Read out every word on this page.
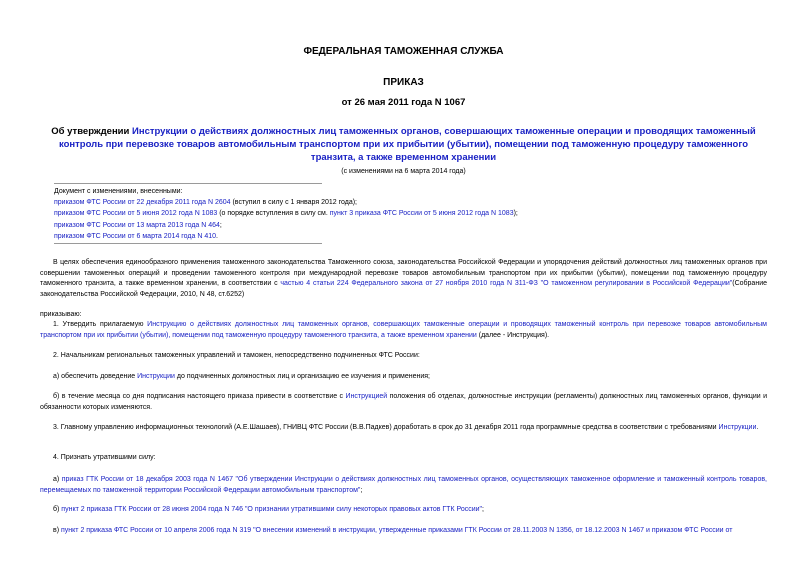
ФЕДЕРАЛЬНАЯ ТАМОЖЕННАЯ СЛУЖБА
ПРИКАЗ
от 26 мая 2011 года N 1067
Об утверждении Инструкции о действиях должностных лиц таможенных органов, совершающих таможенные операции и проводящих таможенный контроль при перевозке товаров автомобильным транспортом при их прибытии (убытии), помещении под таможенную процедуру таможенного транзита, а также временном хранении
(с изменениями на 6 марта 2014 года)
Документ с изменениями, внесенными:
приказом ФТС России от 22 декабря 2011 года N 2604 (вступил в силу с 1 января 2012 года);
приказом ФТС России от 5 июня 2012 года N 1083 (о порядке вступления в силу см. пункт 3 приказа ФТС России от 5 июня 2012 года N 1083);
приказом ФТС России от 13 марта 2013 года N 464;
приказом ФТС России от 6 марта 2014 года N 410.
В целях обеспечения единообразного применения таможенного законодательства Таможенного союза, законодательства Российской Федерации и упорядочения действий должностных лиц таможенных органов при совершении таможенных операций и проведении таможенного контроля при международной перевозке товаров автомобильным транспортом при их прибытии (убытии), помещении под таможенную процедуру таможенного транзита, а также временном хранении, в соответствии с частью 4 статьи 224 Федерального закона от 27 ноября 2010 года N 311-ФЗ "О таможенном регулировании в Российской Федерации"(Собрание законодательства Российской Федерации, 2010, N 48, ст.6252)
приказываю:
1. Утвердить прилагаемую Инструкцию о действиях должностных лиц таможенных органов, совершающих таможенные операции и проводящих таможенный контроль при перевозке товаров автомобильным транспортом при их прибытии (убытии), помещении под таможенную процедуру таможенного транзита, а также временном хранении (далее - Инструкция).
2. Начальникам региональных таможенных управлений и таможен, непосредственно подчиненных ФТС России:
а) обеспечить доведение Инструкции до подчиненных должностных лиц и организацию ее изучения и применения;
б) в течение месяца со дня подписания настоящего приказа привести в соответствие с Инструкцией положения об отделах, должностные инструкции (регламенты) должностных лиц таможенных органов, функции и обязанности которых изменяются.
3. Главному управлению информационных технологий (А.Е.Шашаев), ГНИВЦ ФТС России (В.В.Падкев) доработать в срок до 31 декабря 2011 года программные средства в соответствии с требованиями Инструкции.
4. Признать утратившими силу:
а) приказ ГТК России от 18 декабря 2003 года N 1467 "Об утверждении Инструкции о действиях должностных лиц таможенных органов, осуществляющих таможенное оформление и таможенный контроль товаров, перемещаемых по таможенной территории Российской Федерации автомобильным транспортом";
б) пункт 2 приказа ГТК России от 28 июня 2004 года N 746 "О признании утратившими силу некоторых правовых актов ГТК России";
в) пункт 2 приказа ФТС России от 10 апреля 2006 года N 319 "О внесении изменений в инструкции, утвержденные приказами ГТК России от 28.11.2003 N 1356, от 18.12.2003 N 1467 и приказом ФТС России от
